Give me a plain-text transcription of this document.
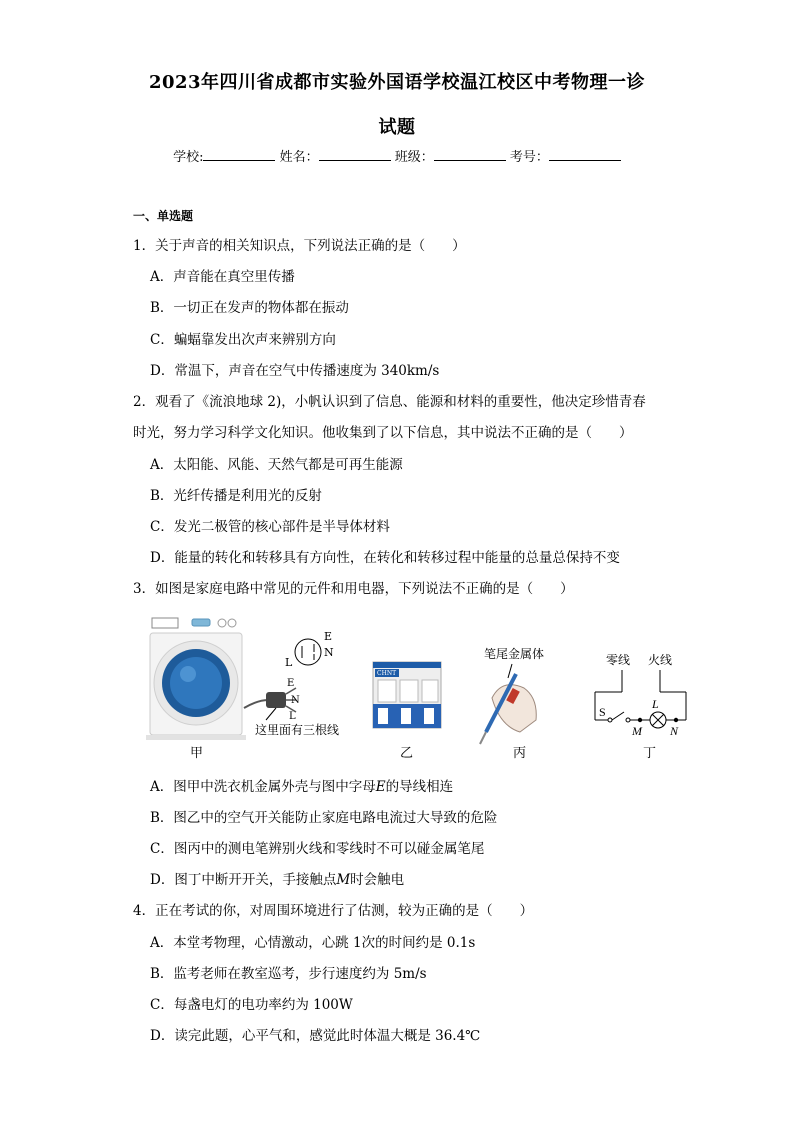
2023年四川省成都市实验外国语学校温江校区中考物理一诊
试题
学校:	姓名：	班级：	考号：
一、单选题
1．关于声音的相关知识点，下列说法正确的是（　　）
A．声音能在真空里传播
B．一切正在发声的物体都在振动
C．蝙蝠靠发出次声来辨别方向
D．常温下，声音在空气中传播速度为 340km/s
2．观看了《流浪地球 2)，小帆认识到了信息、能源和材料的重要性，他决定珍惜青春
时光，努力学习科学文化知识。他收集到了以下信息，其中说法不正确的是（　　）
A．太阳能、风能、天然气都是可再生能源
B．光纤传播是利用光的反射
C．发光二极管的核心部件是半导体材料
D．能量的转化和转移具有方向性，在转化和转移过程中能量的总量总保持不变
3．如图是家庭电路中常见的元件和用电器，下列说法不正确的是（　　）
L
E
N
E
N
L
这里面有三根线
CHNT
笔尾金属体	零线 火线
S
L
M N
甲	乙	丙	丁
A．图甲中洗衣机金属外壳与图中字母E的导线相连
B．图乙中的空气开关能防止家庭电路电流过大导致的危险
C．图丙中的测电笔辨别火线和零线时不可以碰金属笔尾
D．图丁中断开开关，手接触点M时会触电
4．正在考试的你，对周围环境进行了估测，较为正确的是（　　）
A．本堂考物理，心情激动，心跳 1次的时间约是 0.1s
B．监考老师在教室巡考，步行速度约为 5m/s
C．每盏电灯的电功率约为 100W
D．读完此题，心平气和，感觉此时体温大概是 36.4℃
